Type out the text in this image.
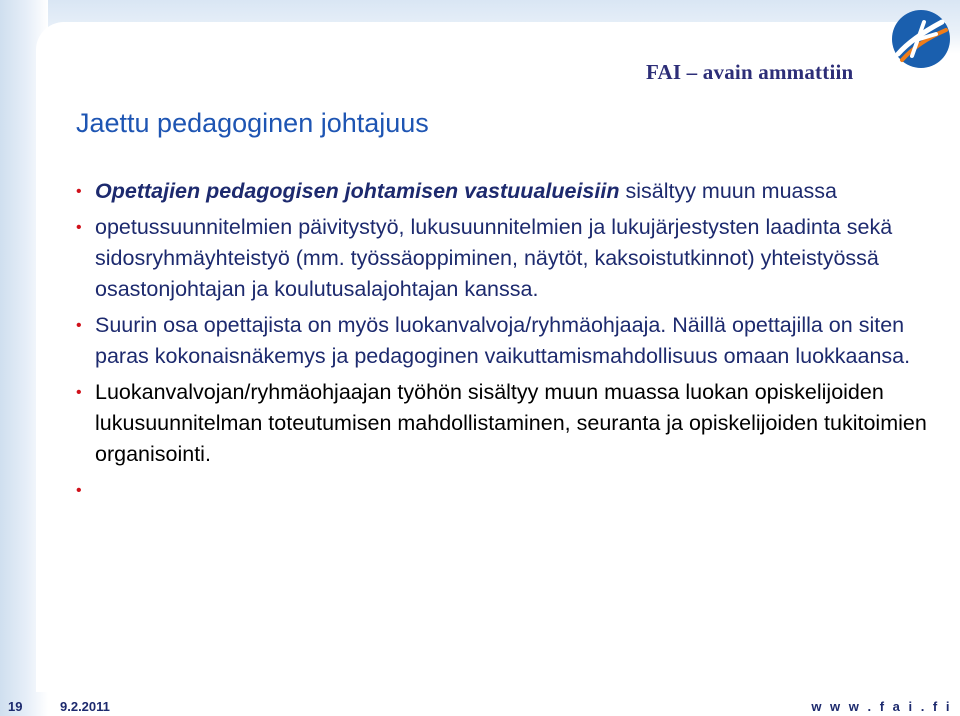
FAI – avain ammattiin
Jaettu pedagoginen johtajuus
• Opettajien pedagogisen johtamisen vastuualueisiin sisältyy muun muassa
• opetussuunnitelmien päivitystyö, lukusuunnitelmien ja lukujärjestysten laadinta sekä sidosryhmäyhteistyö (mm. työssäoppiminen, näytöt, kaksoistutkinnot) yhteistyössä osastonjohtajan ja koulutusalajohtajan kanssa.
• Suurin osa opettajista on myös luokanvalvoja/ryhmäohjaaja. Näillä opettajilla on siten paras kokonaisnäkemys ja pedagoginen vaikuttamismahdollisuus omaan luokkaansa.
• Luokanvalvojan/ryhmäohjaajan työhön sisältyy muun muassa luokan opiskelijoiden lukusuunnitelman toteutumisen mahdollistaminen, seuranta ja opiskelijoiden tukitoimien organisointi.
•
19	9.2.2011	w w w . f a i . f i
